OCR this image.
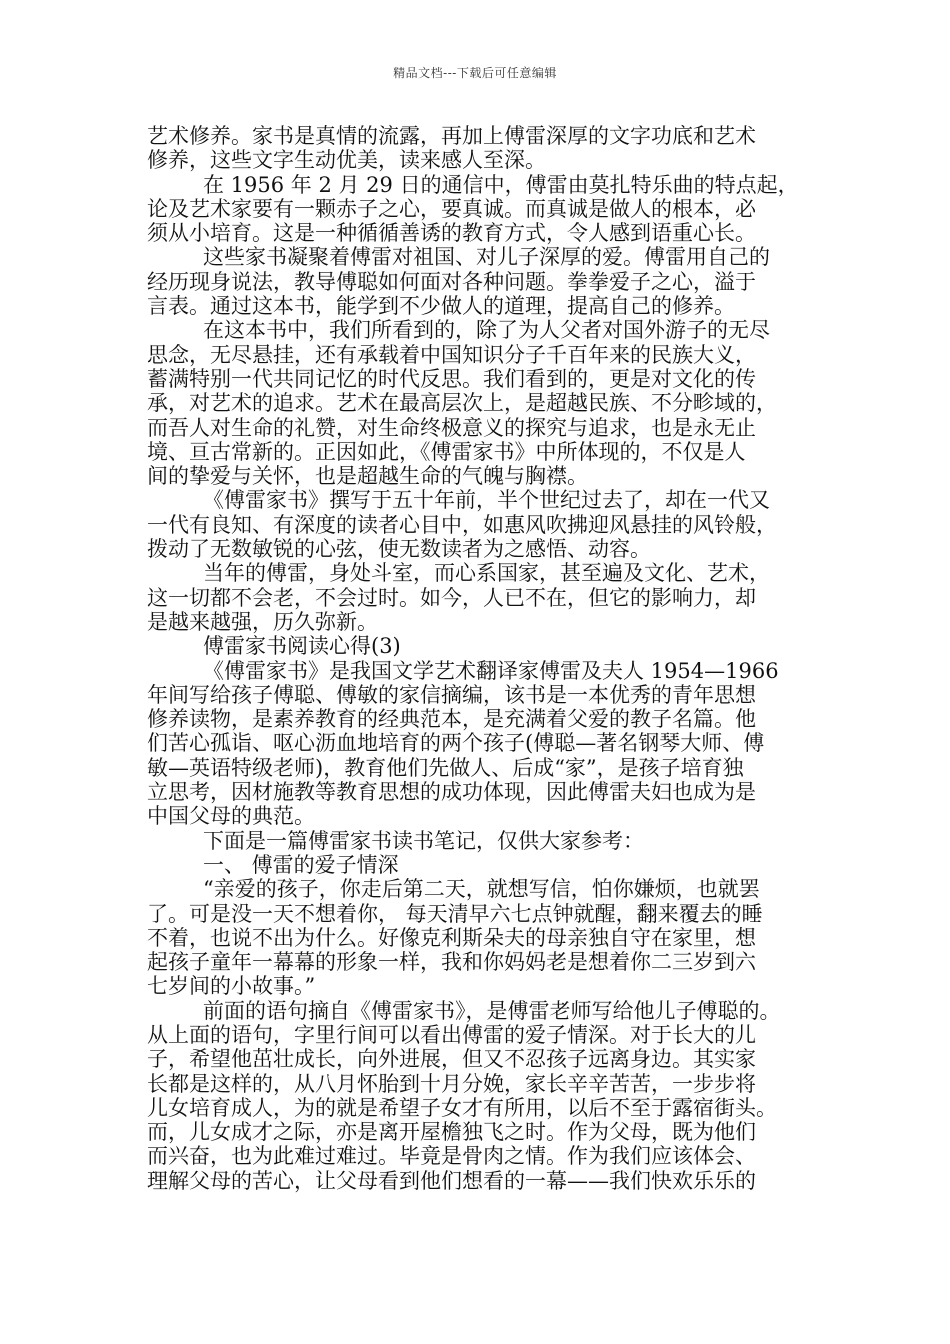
精品文档---下载后可任意编辑
艺术修养。家书是真情的流露，再加上傅雷深厚的文字功底和艺术
修养，这些文字生动优美，读来感人至深。
在 1956 年 2 月 29 日的通信中，傅雷由莫扎特乐曲的特点起，
论及艺术家要有一颗赤子之心，要真诚。而真诚是做人的根本，必
须从小培育。这是一种循循善诱的教育方式，令人感到语重心长。
这些家书凝聚着傅雷对祖国、对儿子深厚的爱。傅雷用自己的
经历现身说法，教导傅聪如何面对各种问题。拳拳爱子之心，溢于
言表。通过这本书，能学到不少做人的道理，提高自己的修养。
在这本书中，我们所看到的，除了为人父者对国外游子的无尽
思念，无尽悬挂，还有承载着中国知识分子千百年来的民族大义，
蓄满特别一代共同记忆的时代反思。我们看到的，更是对文化的传
承，对艺术的追求。艺术在最高层次上，是超越民族、不分畛域的，
而吾人对生命的礼赞，对生命终极意义的探究与追求，也是永无止
境、亘古常新的。正因如此，《傅雷家书》中所体现的，不仅是人
间的挚爱与关怀，也是超越生命的气魄与胸襟。
《傅雷家书》撰写于五十年前，半个世纪过去了，却在一代又
一代有良知、有深度的读者心目中，如惠风吹拂迎风悬挂的风铃般，
拨动了无数敏锐的心弦，使无数读者为之感悟、动容。
当年的傅雷，身处斗室，而心系国家，甚至遍及文化、艺术，
这一切都不会老，不会过时。如今，人已不在，但它的影响力，却
是越来越强，历久弥新。
傅雷家书阅读心得(3)
《傅雷家书》是我国文学艺术翻译家傅雷及夫人 1954—1966
年间写给孩子傅聪、傅敏的家信摘编，该书是一本优秀的青年思想
修养读物，是素养教育的经典范本，是充满着父爱的教子名篇。他
们苦心孤诣、呕心沥血地培育的两个孩子(傅聪—著名钢琴大师、傅
敏—英语特级老师)，教育他们先做人、后成“家”，是孩子培育独
立思考，因材施教等教育思想的成功体现，因此傅雷夫妇也成为是
中国父母的典范。
下面是一篇傅雷家书读书笔记，仅供大家参考：
一、 傅雷的爱子情深
“亲爱的孩子，你走后第二天，就想写信，怕你嫌烦，也就罢
了。可是没一天不想着你， 每天清早六七点钟就醒，翻来覆去的睡
不着，也说不出为什么。好像克利斯朵夫的母亲独自守在家里，想
起孩子童年一幕幕的形象一样，我和你妈妈老是想着你二三岁到六
七岁间的小故事。”
前面的语句摘自《傅雷家书》，是傅雷老师写给他儿子傅聪的。
从上面的语句，字里行间可以看出傅雷的爱子情深。对于长大的儿
子，希望他茁壮成长，向外进展，但又不忍孩子远离身边。其实家
长都是这样的，从八月怀胎到十月分娩，家长辛辛苦苦，一步步将
儿女培育成人，为的就是希望子女才有所用，以后不至于露宿街头。
而，儿女成才之际，亦是离开屋檐独飞之时。作为父母，既为他们
而兴奋，也为此难过难过。毕竟是骨肉之情。作为我们应该体会、
理解父母的苦心，让父母看到他们想看的一幕——我们快欢乐乐的
